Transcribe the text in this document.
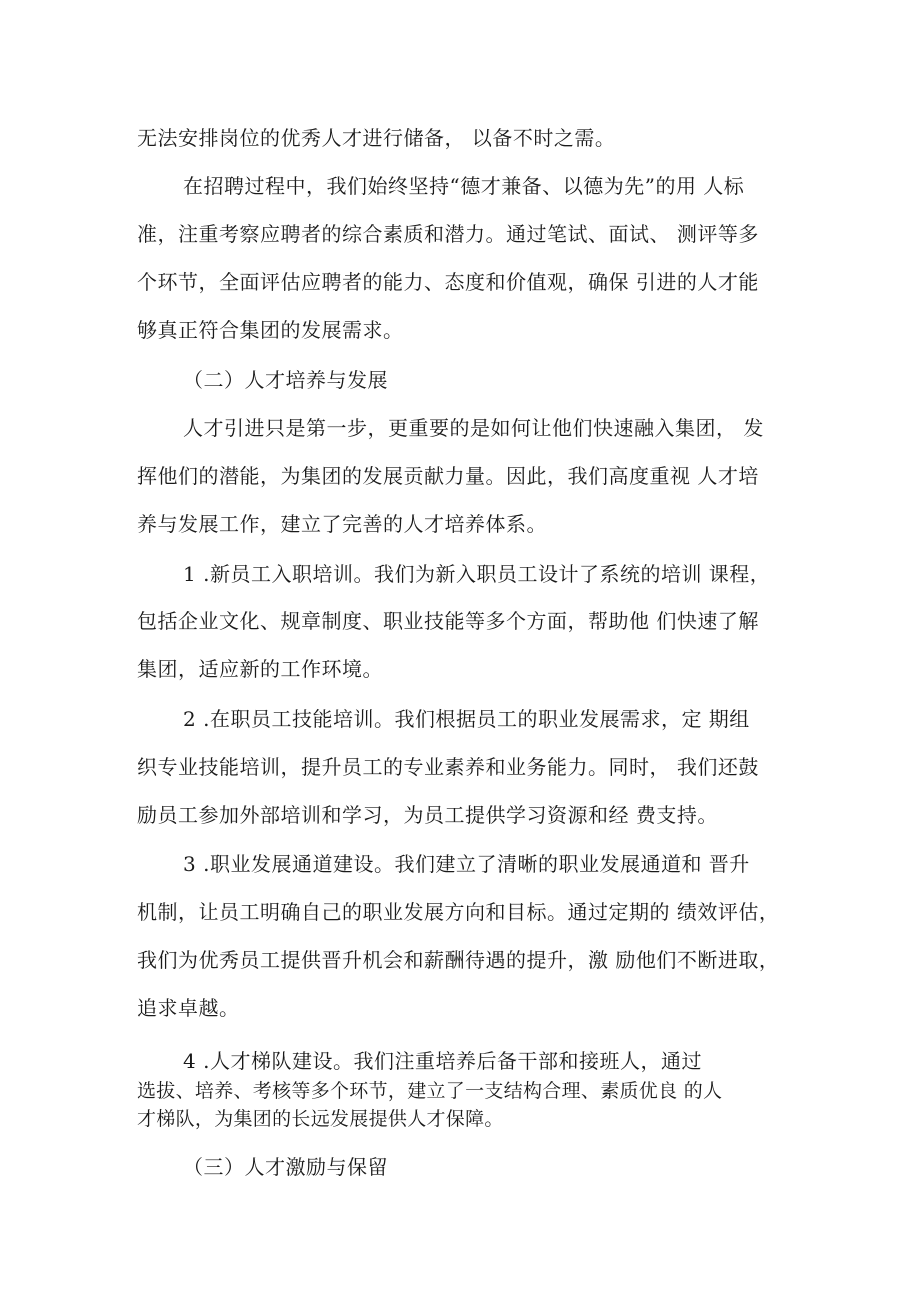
无法安排岗位的优秀人才进行储备， 以备不时之需。
在招聘过程中，我们始终坚持“德才兼备、以德为先”的用 人标
准，注重考察应聘者的综合素质和潜力。通过笔试、面试、 测评等多
个环节，全面评估应聘者的能力、态度和价值观，确保 引进的人才能
够真正符合集团的发展需求。
（二）人才培养与发展
人才引进只是第一步，更重要的是如何让他们快速融入集团， 发
挥他们的潜能，为集团的发展贡献力量。因此，我们高度重视 人才培
养与发展工作，建立了完善的人才培养体系。
1 .新员工入职培训。我们为新入职员工设计了系统的培训 课程，
包括企业文化、规章制度、职业技能等多个方面，帮助他 们快速了解
集团，适应新的工作环境。
2 .在职员工技能培训。我们根据员工的职业发展需求，定 期组
织专业技能培训，提升员工的专业素养和业务能力。同时， 我们还鼓
励员工参加外部培训和学习，为员工提供学习资源和经 费支持。
3 .职业发展通道建设。我们建立了清晰的职业发展通道和 晋升
机制，让员工明确自己的职业发展方向和目标。通过定期的 绩效评估，
我们为优秀员工提供晋升机会和薪酬待遇的提升，激 励他们不断进取，
追求卓越。
4 .人才梯队建设。我们注重培养后备干部和接班人，通过
选拔、培养、考核等多个环节，建立了一支结构合理、素质优良 的人
才梯队，为集团的长远发展提供人才保障。
（三）人才激励与保留
